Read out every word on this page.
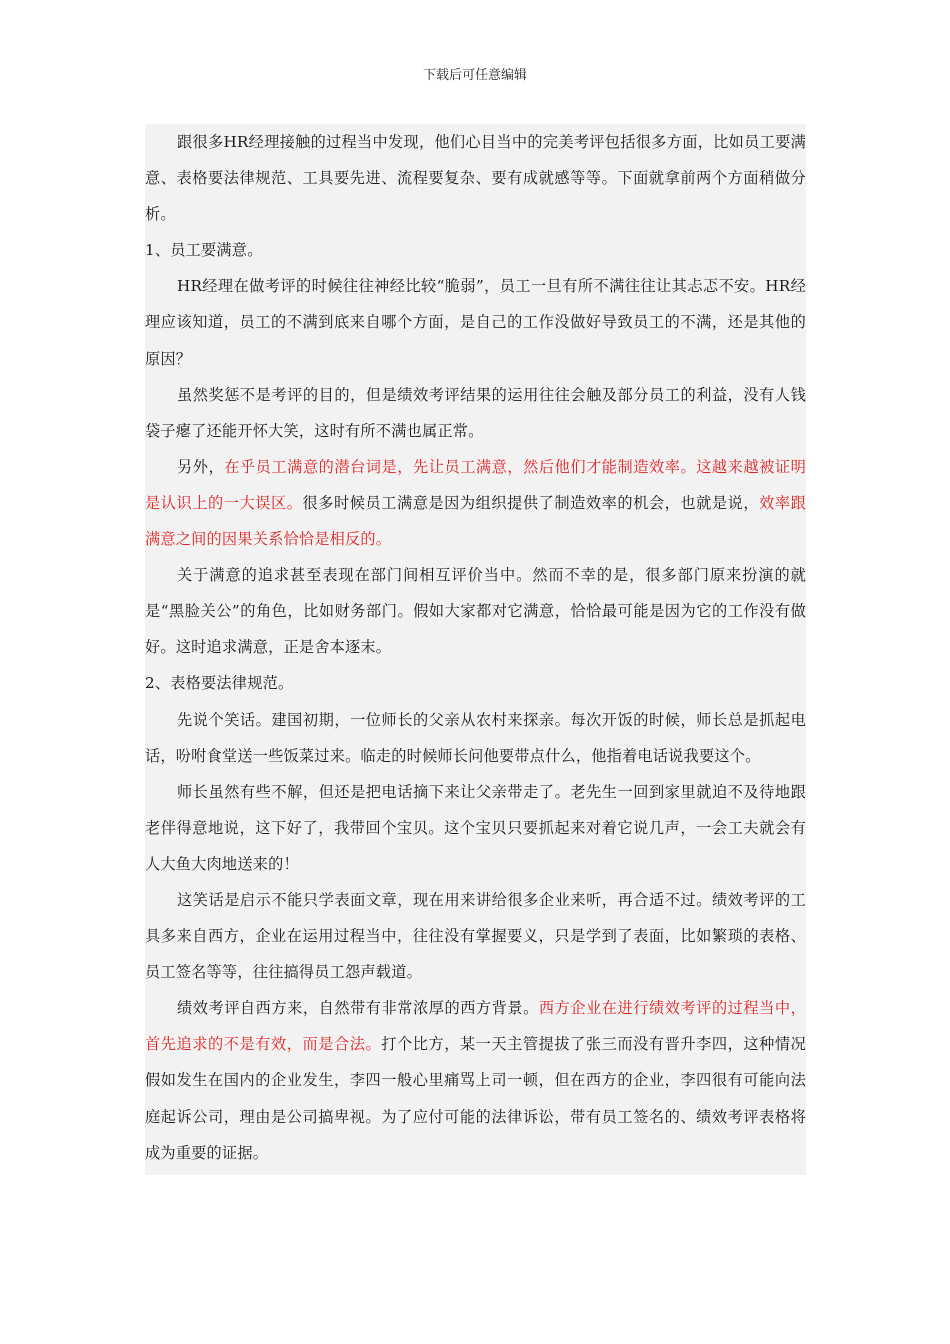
下载后可任意编辑

跟很多HR经理接触的过程当中发现，他们心目当中的完美考评包括很多方面，比如员工要满意、表格要法律规范、工具要先进、流程要复杂、要有成就感等等。下面就拿前两个方面稍做分析。

1、员工要满意。

HR经理在做考评的时候往往神经比较“脆弱”，员工一旦有所不满往往让其忐忑不安。HR经理应该知道，员工的不满到底来自哪个方面，是自己的工作没做好导致员工的不满，还是其他的原因？

虽然奖惩不是考评的目的，但是绩效考评结果的运用往往会触及部分员工的利益，没有人钱袋子瘪了还能开怀大笑，这时有所不满也属正常。

另外，在乎员工满意的潜台词是，先让员工满意，然后他们才能制造效率。这越来越被证明是认识上的一大误区。很多时候员工满意是因为组织提供了制造效率的机会，也就是说，效率跟满意之间的因果关系恰恰是相反的。

关于满意的追求甚至表现在部门间相互评价当中。然而不幸的是，很多部门原来扮演的就是“黑脸关公”的角色，比如财务部门。假如大家都对它满意，恰恰最可能是因为它的工作没有做好。这时追求满意，正是舍本逐末。

2、表格要法律规范。

先说个笑话。建国初期，一位师长的父亲从农村来探亲。每次开饭的时候，师长总是抓起电话，吩咐食堂送一些饭菜过来。临走的时候师长问他要带点什么，他指着电话说我要这个。

师长虽然有些不解，但还是把电话摘下来让父亲带走了。老先生一回到家里就迫不及待地跟老伴得意地说，这下好了，我带回个宝贝。这个宝贝只要抓起来对着它说几声，一会工夫就会有人大鱼大肉地送来的！

这笑话是启示不能只学表面文章，现在用来讲给很多企业来听，再合适不过。绩效考评的工具多来自西方，企业在运用过程当中，往往没有掌握要义，只是学到了表面，比如繁琐的表格、员工签名等等，往往搞得员工怨声载道。

绩效考评自西方来，自然带有非常浓厚的西方背景。西方企业在进行绩效考评的过程当中，首先追求的不是有效，而是合法。打个比方，某一天主管提拔了张三而没有晋升李四，这种情况假如发生在国内的企业发生，李四一般心里痛骂上司一顿，但在西方的企业，李四很有可能向法庭起诉公司，理由是公司搞卑视。为了应付可能的法律诉讼，带有员工签名的、绩效考评表格将成为重要的证据。
